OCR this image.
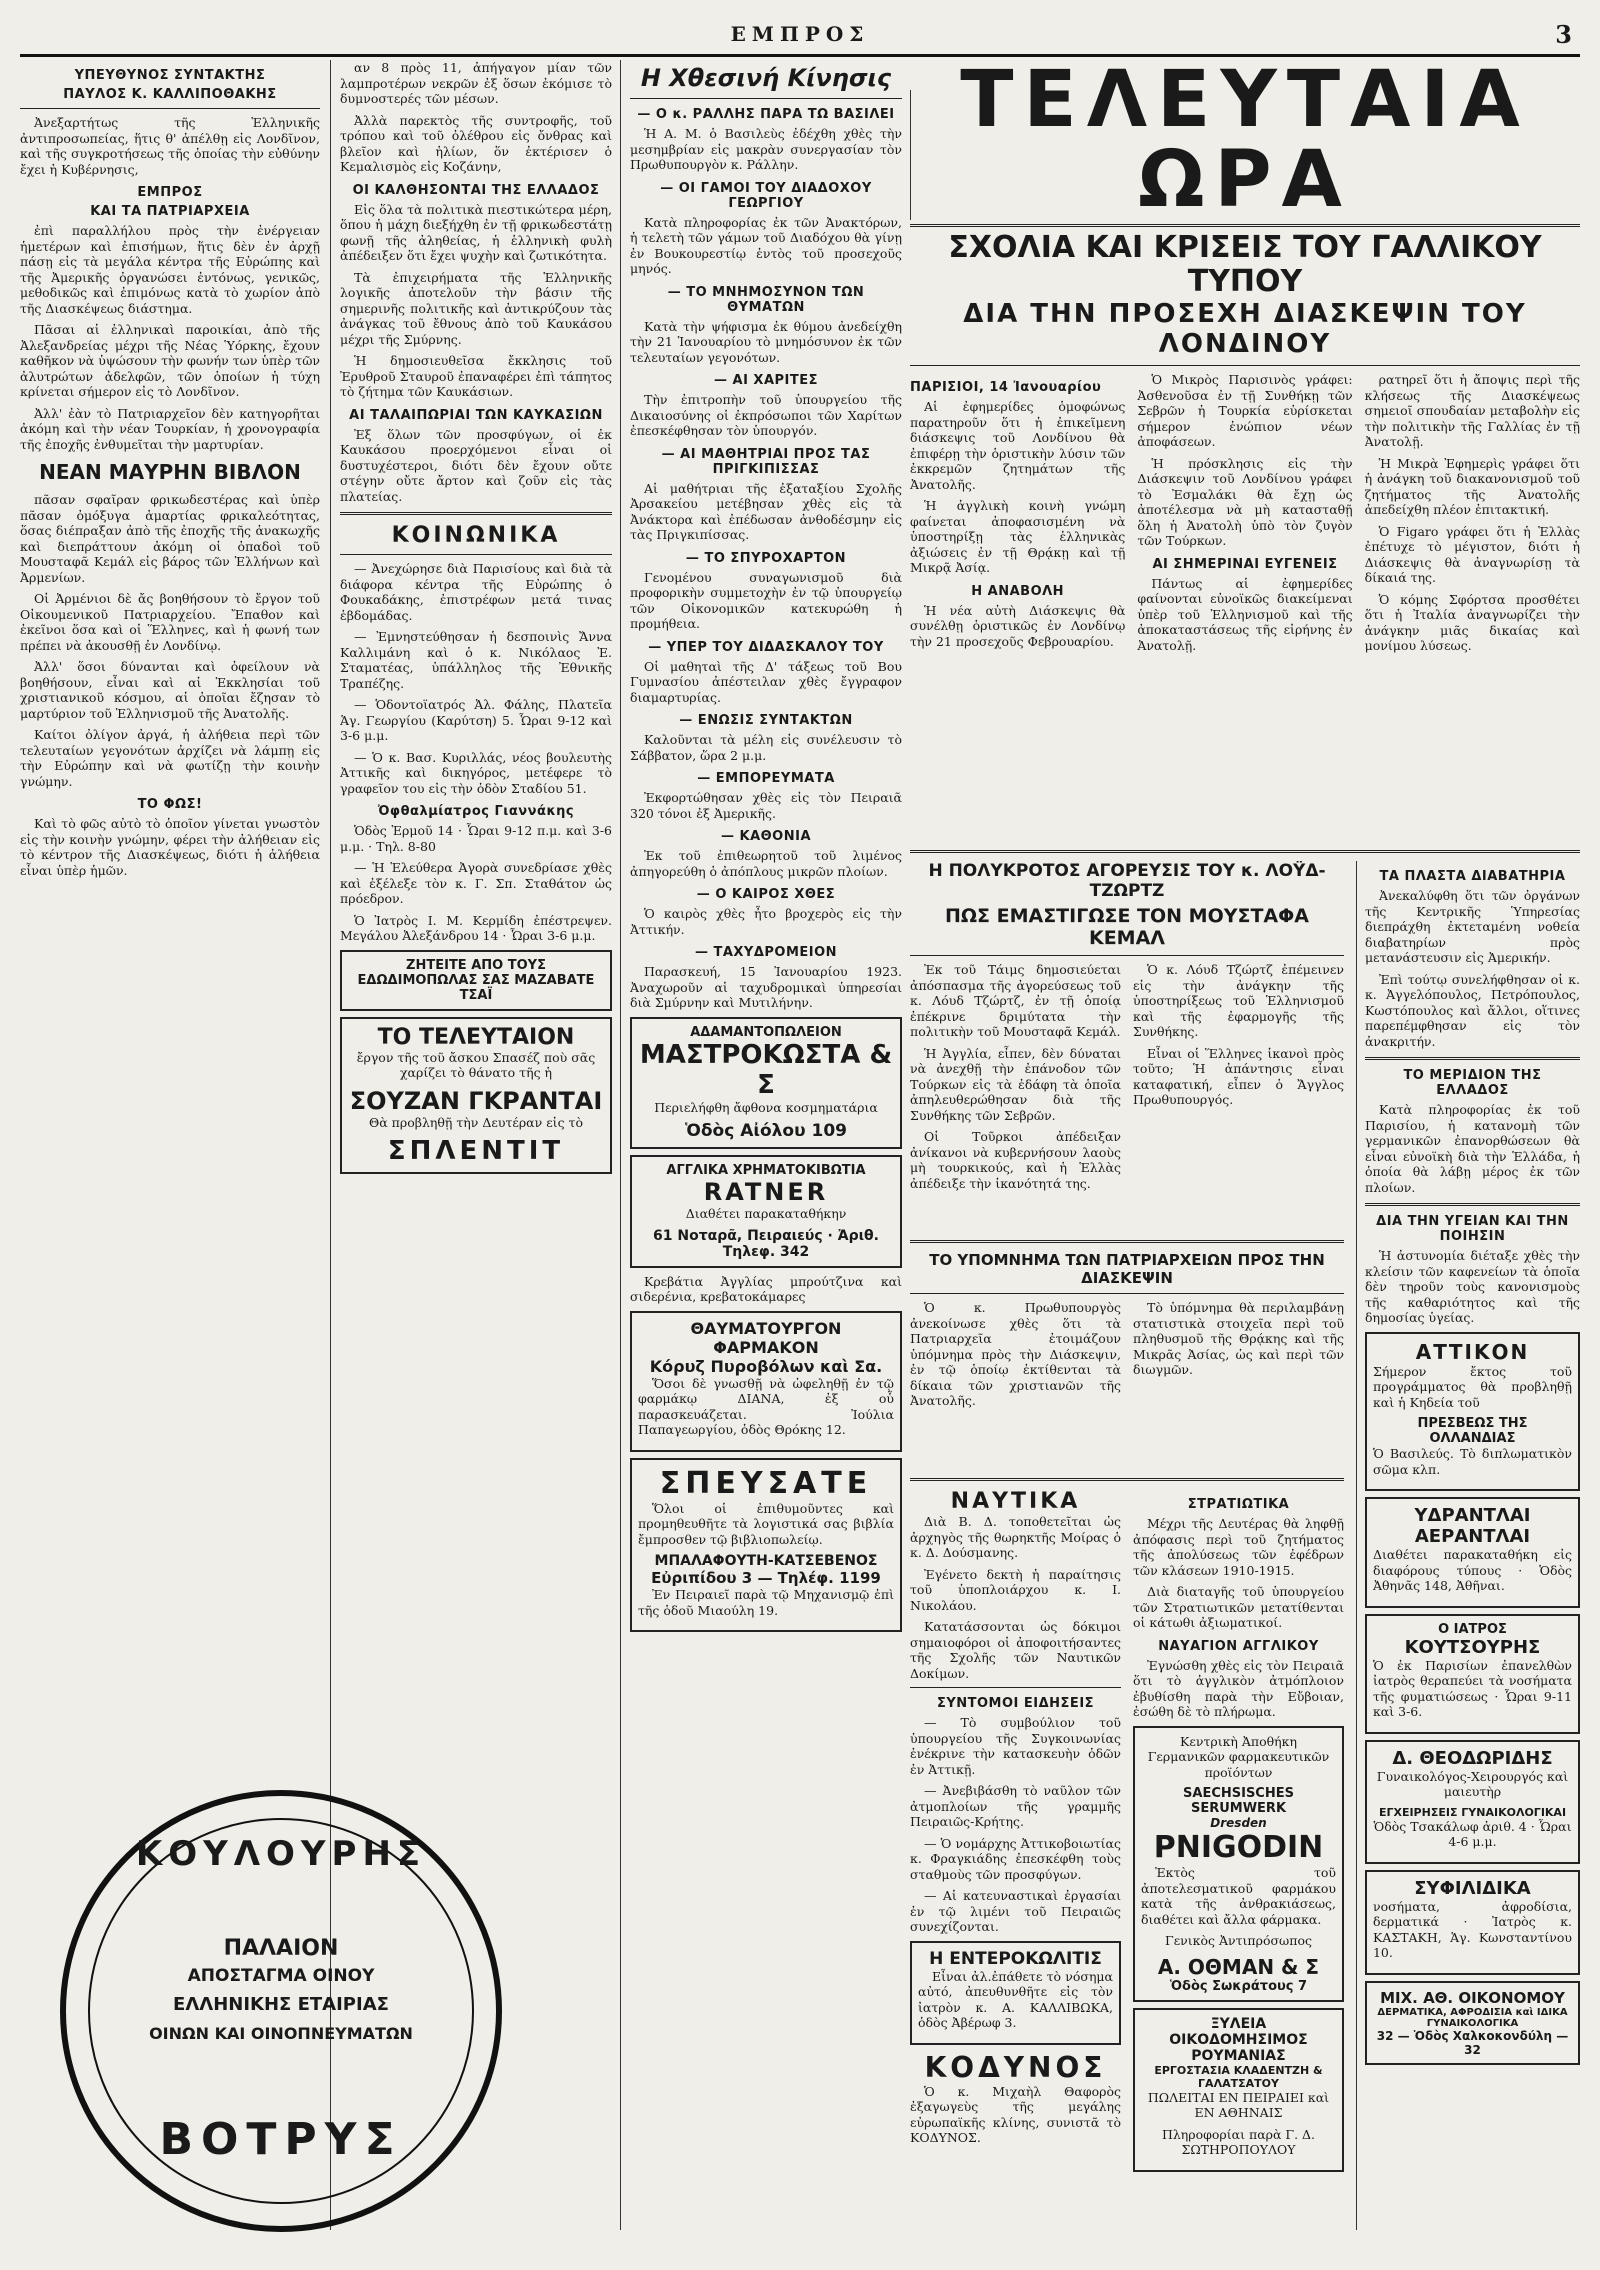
ΕΜΠΡΟΣ	3
ΥΠΕΥΘΥΝΟΣ ΣΥΝΤΑΚΤΗΣ
ΠΑΥΛΟΣ Κ. ΚΑΛΛΙΠΟΘΑΚΗΣ

Ἀνεξαρτήτως τῆς Ἑλληνικῆς ἀντιπροσωπείας, ἥτις θ' ἀπέλθῃ εἰς Λονδῖνον, καὶ τῆς συγκροτήσεως τῆς ὁποίας τὴν εὐθύνην ἔχει ἡ Κυβέρνησις,

ΕΜΠΡΟΣ
ΚΑΙ ΤΑ ΠΑΤΡΙΑΡΧΕΙΑ

ἐπὶ παραλλήλου πρὸς τὴν ἐνέργειαν ἡμετέρων καὶ ἐπισήμων, ἥτις δὲν ἐν ἀρχῇ πάσῃ εἰς τὰ μεγάλα κέντρα τῆς Εὐρώπης καὶ τῆς Ἀμερικῆς ὀργανώσει ἐντόνως, γενικῶς, μεθοδικῶς καὶ ἐπιμόνως κατὰ τὸ χωρίον ἀπὸ τῆς Διασκέψεως διάστημα.

Πᾶσαι αἱ ἐλληνικαὶ παροικίαι, ἀπὸ τῆς Ἀλεξανδρείας μέχρι τῆς Νέας Ὑόρκης, ἔχουν καθῆκον νὰ ὑψώσουν τὴν φωνήν των ὑπὲρ τῶν ἀλυτρώτων ἀδελφῶν, τῶν ὁποίων ἡ τύχη κρίνεται σήμερον εἰς τὸ Λονδῖνον.

Ἀλλ' ἐὰν τὸ Πατριαρχεῖον δὲν κατηγορῆται ἀκόμη καὶ τὴν νέαν Τουρκίαν, ἡ χρονογραφία τῆς ἐποχῆς ἐνθυμεῖται τὴν μαρτυρίαν.

ΝΕΑΝ ΜΑΥΡΗΝ ΒΙΒΛΟΝ

πᾶσαν σφαῖραν φρικωδεστέρας καὶ ὑπὲρ πᾶσαν ὀμόξυγα ἁμαρτίας φρικαλεότητας, ὅσας διέπραξαν ἀπὸ τῆς ἐποχῆς τῆς ἀνακωχῆς καὶ διεπράττουν ἀκόμη οἱ ὀπαδοὶ τοῦ Μουσταφᾶ Κεμάλ εἰς βάρος τῶν Ἑλλήνων καὶ Ἀρμενίων.

Οἱ Ἀρμένιοι δὲ ἄς βοηθήσουν τὸ ἔργον τοῦ Οἰκουμενικοῦ Πατριαρχείου. Ἔπαθον καὶ ἐκεῖνοι ὅσα καὶ οἱ Ἕλληνες, καὶ ἡ φωνή των πρέπει νὰ ἀκουσθῇ ἐν Λονδίνῳ.

Ἀλλ' ὅσοι δύνανται καὶ ὀφείλουν νὰ βοηθήσουν, εἶναι καὶ αἱ Ἐκκλησίαι τοῦ χριστιανικοῦ κόσμου, αἱ ὁποῖαι ἔζησαν τὸ μαρτύριον τοῦ Ἑλληνισμοῦ τῆς Ἀνατολῆς.

Καίτοι ὀλίγον ἀργά, ἡ ἀλήθεια περὶ τῶν τελευταίων γεγονότων ἀρχίζει νὰ λάμπῃ εἰς τὴν Εὐρώπην καὶ νὰ φωτίζῃ τὴν κοινὴν γνώμην.

ΤΟ ΦΩΣ!

Καὶ τὸ φῶς αὐτὸ τὸ ὁποῖον γίνεται γνωστὸν εἰς τὴν κοινὴν γνώμην, φέρει τὴν ἀλήθειαν εἰς τὸ κέντρον τῆς Διασκέψεως, διότι ἡ ἀλήθεια εἶναι ὑπὲρ ἡμῶν.

ΚΟΥΛΟΥΡΗΣ
ΠΑΛΑΙΟΝ
ΑΠΟΣΤΑΓΜΑ ΟΙΝΟΥ
ΕΛΛΗΝΙΚΗΣ ΕΤΑΙΡΙΑΣ
ΟΙΝΩΝ ΚΑΙ ΟΙΝΟΠΝΕΥΜΑΤΩΝ
ΒΟΤΡΥΣ

αν 8 πρὸς 11, ἀπήγαγον μίαν τῶν λαμπροτέρων νεκρῶν ἐξ ὅσων ἐκόμισε τὸ δυμνοστερές τῶν μέσων.

Ἀλλὰ παρεκτὸς τῆς συντροφῆς, τοῦ τρόπου καὶ τοῦ ὀλέθρου εἰς ὄνθρας καὶ βλεῖον καὶ ἡλίων, ὅν ἐκτέρισεν ὁ Κεμαλισμὸς εἰς Κοζάνην,

ΟΙ ΚΑΛΘΗΣΟΝΤΑΙ ΤΗΣ ΕΛΛΑΔΟΣ

Εἰς ὅλα τὰ πολιτικὰ πιεστικώτερα μέρη, ὅπου ἡ μάχη διεξήχθη ἐν τῇ φρικωδεστάτῃ φωνῇ τῆς ἀληθείας, ἡ ἑλληνικὴ φυλὴ ἀπέδειξεν ὅτι ἔχει ψυχὴν καὶ ζωτικότητα.

Τὰ ἐπιχειρήματα τῆς Ἑλληνικῆς λογικῆς ἀποτελοῦν τὴν βάσιν τῆς σημερινῆς πολιτικῆς καὶ ἀντικρύζουν τὰς ἀνάγκας τοῦ ἔθνους ἀπὸ τοῦ Καυκάσου μέχρι τῆς Σμύρνης.

Ἡ δημοσιευθεῖσα ἔκκλησις τοῦ Ἐρυθροῦ Σταυροῦ ἐπαναφέρει ἐπὶ τάπητος τὸ ζήτημα τῶν Καυκάσιων.

ΑΙ ΤΑΛΑΙΠΩΡΙΑΙ ΤΩΝ ΚΑΥΚΑΣΙΩΝ

Ἐξ ὅλων τῶν προσφύγων, οἱ ἐκ Καυκάσου προερχόμενοι εἶναι οἱ δυστυχέστεροι, διότι δὲν ἔχουν οὔτε στέγην οὔτε ἄρτον καὶ ζοῦν εἰς τὰς πλατείας.

ΚΟΙΝΩΝΙΚΑ

— Ἀνεχώρησε διὰ Παρισίους καὶ διὰ τὰ διάφορα κέντρα τῆς Εὐρώπης ὁ Φουκαδάκης, ἐπιστρέφων μετά τινας ἑβδομάδας.

— Ἐμνηστεύθησαν ἡ δεσποινὶς Ἄννα Καλλιμάνη καὶ ὁ κ. Νικόλαος Ἐ. Σταματέας, ὑπάλληλος τῆς Ἐθνικῆς Τραπέζης.

— Ὁδοντοϊατρός Ἀλ. Φάλης, Πλατεῖα Ἁγ. Γεωργίου (Καρύτση) 5. Ὧραι 9-12 καὶ 3-6 μ.μ.

— Ὁ κ. Βασ. Κυριλλάς, νέος βουλευτὴς Ἀττικῆς καὶ δικηγόρος, μετέφερε τὸ γραφεῖον του εἰς τὴν ὁδὸν Σταδίου 51.

Ὀφθαλμίατρος Γιαννάκης

Ὁδὸς Ἑρμοῦ 14 · Ὧραι 9-12 π.μ. καὶ 3-6 μ.μ. · Τηλ. 8-80

— Ἡ Ἑλεύθερα Ἀγορὰ συνεδρίασε χθὲς καὶ ἐξέλεξε τὸν κ. Γ. Σπ. Σταθάτον ὡς πρόεδρον.

Ὁ Ἰατρὸς Ι. Μ. Κερμίδη ἐπέστρεψεν. Μεγάλου Ἀλεξάνδρου 14 · Ὧραι 3-6 μ.μ.

ΖΗΤΕΙΤΕ ΑΠΟ ΤΟΥΣ ΕΔΩΔΙΜΟΠΩΛΑΣ ΣΑΣ ΜΑΖΑΒΑΤΕ ΤΣΑΪ
ΤΟ ΤΕΛΕΥΤΑΙΟΝ

ἔργον τῆς τοῦ ἄσκου Σπασέζ ποὺ σᾶς χαρίζει τὸ θάνατο τῆς ἡ

ΣΟΥΖΑΝ ΓΚΡΑΝΤΑΙ

Θὰ προβληθῇ τὴν Δευτέραν εἰς τὸ

ΣΠΛΕΝΤΙΤ
Η Χθεσινή Κίνησις
— Ο κ. ΡΑΛΛΗΣ ΠΑΡΑ ΤΩ ΒΑΣΙΛΕΙ

Ἡ Α. Μ. ὁ Βασιλεὺς ἐδέχθη χθὲς τὴν μεσημβρίαν εἰς μακρὰν συνεργασίαν τὸν Πρωθυπουργὸν κ. Ράλλην.

— ΟΙ ΓΑΜΟΙ ΤΟΥ ΔΙΑΔΟΧΟΥ ΓΕΩΡΓΙΟΥ

Κατὰ πληροφορίας ἐκ τῶν Ἀνακτόρων, ἡ τελετὴ τῶν γάμων τοῦ Διαδόχου θὰ γίνῃ ἐν Βουκουρεστίῳ ἐντὸς τοῦ προσεχοῦς μηνός.

— ΤΟ ΜΝΗΜΟΣΥΝΟΝ ΤΩΝ ΘΥΜΑΤΩΝ

Κατὰ τὴν ψήφισμα ἐκ θύμου ἀνεδείχθη τὴν 21 Ἰανουαρίου τὸ μνημόσυνον ἐκ τῶν τελευταίων γεγονότων.

— ΑΙ ΧΑΡΙΤΕΣ

Τὴν ἐπιτροπὴν τοῦ ὑπουργείου τῆς Δικαιοσύνης οἱ ἐκπρόσωποι τῶν Χαρίτων ἐπεσκέφθησαν τὸν ὑπουργόν.

— ΑΙ ΜΑΘΗΤΡΙΑΙ ΠΡΟΣ ΤΑΣ ΠΡΙΓΚΙΠΙΣΣΑΣ

Αἱ μαθήτριαι τῆς ἐξαταξίου Σχολῆς Ἀρσακείου μετέβησαν χθὲς εἰς τὰ Ἀνάκτορα καὶ ἐπέδωσαν ἀνθοδέσμην εἰς τὰς Πριγκιπίσσας.

— ΤΟ ΣΠΥΡΟΧΑΡΤΟΝ

Γενομένου συναγωνισμοῦ διὰ προφορικὴν συμμετοχὴν ἐν τῷ ὑπουργείῳ τῶν Οἰκονομικῶν κατεκυρώθη ἡ προμήθεια.

— ΥΠΕΡ ΤΟΥ ΔΙΔΑΣΚΑΛΟΥ ΤΟΥ

Οἱ μαθηταὶ τῆς Δ' τάξεως τοῦ Βου Γυμνασίου ἀπέστειλαν χθὲς ἔγγραφον διαμαρτυρίας.

— ΕΝΩΣΙΣ ΣΥΝΤΑΚΤΩΝ

Καλοῦνται τὰ μέλη εἰς συνέλευσιν τὸ Σάββατον, ὥρα 2 μ.μ.

— ΕΜΠΟΡΕΥΜΑΤΑ

Ἐκφορτώθησαν χθὲς εἰς τὸν Πειραιᾶ 320 τόνοι ἐξ Ἀμερικῆς.

— ΚΑΘΟΝΙΑ

Ἐκ τοῦ ἐπιθεωρητοῦ τοῦ λιμένος ἀπηγορεύθη ὁ ἀπόπλους μικρῶν πλοίων.

— Ο ΚΑΙΡΟΣ ΧΘΕΣ

Ὁ καιρὸς χθὲς ἦτο βροχερὸς εἰς τὴν Ἀττικήν.

— ΤΑΧΥΔΡΟΜΕΙΟΝ

Παρασκευή, 15 Ἰανουαρίου 1923. Ἀναχωροῦν αἱ ταχυδρομικαὶ ὑπηρεσίαι διὰ Σμύρνην καὶ Μυτιλήνην.

ΑΔΑΜΑΝΤΟΠΩΛΕΙΟΝ
ΜΑΣΤΡΟΚΩΣΤΑ & Σ

Περιελήφθη ἄφθονα κοσμηματάρια

Ὁδὸς Αἰόλου 109
ΑΓΓΛΙΚΑ ΧΡΗΜΑΤΟΚΙΒΩΤΙΑ
RATNER

Διαθέτει παρακαταθήκην

61 Νοταρᾶ, Πειραιεύς · Ἀριθ. Τηλεφ. 342

Κρεβάτια Ἀγγλίας μπρούτζινα καὶ σιδερένια, κρεβατοκάμαρες

ΘΑΥΜΑΤΟΥΡΓΟΝ ΦΑΡΜΑΚΟΝ
Κόρυζ Πυροβόλων καὶ Σα.

Ὅσοι δὲ γνωσθῇ νὰ ὠφεληθῇ ἐν τῷ φαρμάκῳ ΔΙΑΝΑ, ἐξ οὗ παρασκευάζεται. Ἰούλια Παπαγεωργίου, ὁδὸς Θρόκης 12.

ΣΠΕΥΣΑΤΕ

Ὅλοι οἱ ἐπιθυμοῦντες καὶ προμηθευθῆτε τὰ λογιστικά σας βιβλία ἔμπροσθεν τῷ βιβλιοπωλείῳ.

ΜΠΑΛΑΦΟΥΤΗ-ΚΑΤΣΕΒΕΝΟΣ
Εὐριπίδου 3 — Τηλέφ. 1199

Ἐν Πειραιεῖ παρὰ τῷ Μηχανισμῷ ἐπὶ τῆς ὁδοῦ Μιαούλη 19.

ΤΕΛΕΥΤΑΙΑ ΩΡΑ
ΣΧΟΛΙΑ ΚΑΙ ΚΡΙΣΕΙΣ ΤΟΥ ΓΑΛΛΙΚΟΥ ΤΥΠΟΥ
ΔΙΑ ΤΗΝ ΠΡΟΣΕΧΗ ΔΙΑΣΚΕΨΙΝ ΤΟΥ ΛΟΝΔΙΝΟΥ
ΠΑΡΙΣΙΟΙ, 14 Ἰανουαρίου

Αἱ ἐφημερίδες ὁμοφώνως παρατηροῦν ὅτι ἡ ἐπικεῖμενη διάσκεψις τοῦ Λονδίνου θὰ ἐπιφέρῃ τὴν ὁριστικὴν λύσιν τῶν ἐκκρεμῶν ζητημάτων τῆς Ἀνατολῆς.

Ἡ ἀγγλικὴ κοινὴ γνώμη φαίνεται ἀποφασισμένη νὰ ὑποστηρίξῃ τὰς ἑλληνικὰς ἀξιώσεις ἐν τῇ Θρᾴκῃ καὶ τῇ Μικρᾷ Ἀσίᾳ.

Η ΑΝΑΒΟΛΗ

Ἡ νέα αὐτὴ Διάσκεψις θὰ συνέλθῃ ὁριστικῶς ἐν Λονδίνῳ τὴν 21 προσεχοῦς Φεβρουαρίου.

Ὁ Μικρὸς Παρισινὸς γράφει: Ἀσθενοῦσα ἐν τῇ Συνθήκῃ τῶν Σεβρῶν ἡ Τουρκία εὑρίσκεται σήμερον ἐνώπιον νέων ἀποφάσεων.

Ἡ πρόσκλησις εἰς τὴν Διάσκεψιν τοῦ Λονδίνου γράφει τὸ Ἐσμαλάκι θὰ ἔχῃ ὡς ἀποτέλεσμα νὰ μὴ κατασταθῇ ὅλη ἡ Ἀνατολὴ ὑπὸ τὸν ζυγὸν τῶν Τούρκων.

ΑΙ ΣΗΜΕΡΙΝΑΙ ΕΥΓΕΝΕΙΣ

Πάντως αἱ ἐφημερίδες φαίνονται εὐνοϊκῶς διακείμεναι ὑπὲρ τοῦ Ἑλληνισμοῦ καὶ τῆς ἀποκαταστάσεως τῆς εἰρήνης ἐν Ἀνατολῇ.

ρατηρεῖ ὅτι ἡ ἄποψις περὶ τῆς κλήσεως τῆς Διασκέψεως σημειοῖ σπουδαίαν μεταβολὴν εἰς τὴν πολιτικὴν τῆς Γαλλίας ἐν τῇ Ἀνατολῇ.

Ἡ Μικρὰ Ἐφημερὶς γράφει ὅτι ἡ ἀνάγκη τοῦ διακανονισμοῦ τοῦ ζητήματος τῆς Ἀνατολῆς ἀπεδείχθη πλέον ἐπιτακτική.

Ὁ Figaro γράφει ὅτι ἡ Ἑλλὰς ἐπέτυχε τὸ μέγιστον, διότι ἡ Διάσκεψις θὰ ἀναγνωρίσῃ τὰ δίκαιά της.

Ὁ κόμης Σφόρτσα προσθέτει ὅτι ἡ Ἰταλία ἀναγνωρίζει τὴν ἀνάγκην μιᾶς δικαίας καὶ μονίμου λύσεως.

Η ΠΟΛΥΚΡΟΤΟΣ ΑΓΟΡΕΥΣΙΣ ΤΟΥ κ. ΛΟΫΔ-ΤΖΩΡΤΖ
ΠΩΣ ΕΜΑΣΤΙΓΩΣΕ ΤΟΝ ΜΟΥΣΤΑΦΑ ΚΕΜΑΛ

Ἐκ τοῦ Τάιμς δημοσιεύεται ἀπόσπασμα τῆς ἀγορεύσεως τοῦ κ. Λόυδ Τζώρτζ, ἐν τῇ ὁποίᾳ ἐπέκρινε δριμύτατα τὴν πολιτικὴν τοῦ Μουσταφᾶ Κεμάλ.

Ἡ Ἀγγλία, εἶπεν, δὲν δύναται νὰ ἀνεχθῇ τὴν ἐπάνοδον τῶν Τούρκων εἰς τὰ ἐδάφη τὰ ὁποῖα ἀπηλευθερώθησαν διὰ τῆς Συνθήκης τῶν Σεβρῶν.

Οἱ Τοῦρκοι ἀπέδειξαν ἀνίκανοι νὰ κυβερνήσουν λαοὺς μὴ τουρκικούς, καὶ ἡ Ἑλλὰς ἀπέδειξε τὴν ἱκανότητά της.

Ὁ κ. Λόυδ Τζώρτζ ἐπέμεινεν εἰς τὴν ἀνάγκην τῆς ὑποστηρίξεως τοῦ Ἑλληνισμοῦ καὶ τῆς ἐφαρμογῆς τῆς Συνθήκης.

Εἶναι οἱ Ἕλληνες ἱκανοὶ πρὸς τοῦτο; Ἡ ἀπάντησις εἶναι καταφατική, εἶπεν ὁ Ἄγγλος Πρωθυπουργός.

ΤΟ ΥΠΟΜΝΗΜΑ ΤΩΝ ΠΑΤΡΙΑΡΧΕΙΩΝ ΠΡΟΣ ΤΗΝ ΔΙΑΣΚΕΨΙΝ

Ὁ κ. Πρωθυπουργὸς ἀνεκοίνωσε χθὲς ὅτι τὰ Πατριαρχεῖα ἐτοιμάζουν ὑπόμνημα πρὸς τὴν Διάσκεψιν, ἐν τῷ ὁποίῳ ἐκτίθενται τὰ δίκαια τῶν χριστιανῶν τῆς Ἀνατολῆς.

Τὸ ὑπόμνημα θὰ περιλαμβάνῃ στατιστικὰ στοιχεῖα περὶ τοῦ πληθυσμοῦ τῆς Θρᾴκης καὶ τῆς Μικρᾶς Ἀσίας, ὡς καὶ περὶ τῶν διωγμῶν.

ΝΑΥΤΙΚΑ

Διὰ Β. Δ. τοποθετεῖται ὡς ἀρχηγὸς τῆς θωρηκτῆς Μοίρας ὁ κ. Δ. Δούσμανης.

Ἐγένετο δεκτὴ ἡ παραίτησις τοῦ ὑποπλοιάρχου κ. Ι. Νικολάου.

Κατατάσσονται ὡς δόκιμοι σημαιοφόροι οἱ ἀποφοιτήσαντες τῆς Σχολῆς τῶν Ναυτικῶν Δοκίμων.

ΣΥΝΤΟΜΟΙ ΕΙΔΗΣΕΙΣ

— Τὸ συμβούλιον τοῦ ὑπουργείου τῆς Συγκοινωνίας ἐνέκρινε τὴν κατασκευὴν ὁδῶν ἐν Ἀττικῇ.

— Ἀνεβιβάσθη τὸ ναῦλον τῶν ἀτμοπλοίων τῆς γραμμῆς Πειραιῶς-Κρήτης.

— Ὁ νομάρχης Ἀττικοβοιωτίας κ. Φραγκιάδης ἐπεσκέφθη τοὺς σταθμοὺς τῶν προσφύγων.

— Αἱ κατευναστικαὶ ἐργασίαι ἐν τῷ λιμένι τοῦ Πειραιῶς συνεχίζονται.

Η ΕΝΤΕΡΟΚΩΛΙΤΙΣ

Εἶναι ἀλ.ἐπάθετε τὸ νόσημα αὐτό, ἀπευθυνθῆτε εἰς τὸν ἰατρὸν κ. Α. ΚΑΛΛΙΒΩΚΑ, ὁδὸς Ἀβέρωφ 3.

ΚΟΔΥΝΟΣ

Ὁ κ. Μιχαὴλ Θαφορὸς ἐξαγωγεὺς τῆς μεγάλης εὐρωπαϊκῆς κλίνης, συνιστᾶ τὸ ΚΟΔΥΝΟΣ.

ΣΤΡΑΤΙΩΤΙΚΑ

Μέχρι τῆς Δευτέρας θὰ ληφθῇ ἀπόφασις περὶ τοῦ ζητήματος τῆς ἀπολύσεως τῶν ἐφέδρων τῶν κλάσεων 1910-1915.

Διὰ διαταγῆς τοῦ ὑπουργείου τῶν Στρατιωτικῶν μετατίθενται οἱ κάτωθι ἀξιωματικοί.

ΝΑΥΑΓΙΟΝ ΑΓΓΛΙΚΟΥ

Ἐγνώσθη χθὲς εἰς τὸν Πειραιᾶ ὅτι τὸ ἀγγλικὸν ἀτμόπλοιον ἐβυθίσθη παρὰ τὴν Εὔβοιαν, ἐσώθη δὲ τὸ πλήρωμα.

Κεντρικὴ Ἀποθήκη Γερμανικῶν φαρμακευτικῶν προϊόντων

SAECHSISCHES SERUMWERK
Dresden
PNIGODIN

Ἐκτὸς τοῦ ἀποτελεσματικοῦ φαρμάκου κατὰ τῆς ἀνθρακιάσεως, διαθέτει καὶ ἄλλα φάρμακα.

Γενικὸς Ἀντιπρόσωπος

Α. ΟΘΜΑΝ & Σ
Ὁδὸς Σωκράτους 7
ΞΥΛΕΙΑ ΟΙΚΟΔΟΜΗΣΙΜΟΣ ΡΟΥΜΑΝΙΑΣ
ΕΡΓΟΣΤΑΣΙΑ ΚΛΑΔΕΝΤΖΗ & ΓΑΛΑΤΣΑΤΟΥ

ΠΩΛΕΙΤΑΙ ΕΝ ΠΕΙΡΑΙΕΙ καὶ ΕΝ ΑΘΗΝΑΙΣ

Πληροφορίαι παρὰ Γ. Δ. ΣΩΤΗΡΟΠΟΥΛΟΥ

ΤΑ ΠΛΑΣΤΑ ΔΙΑΒΑΤΗΡΙΑ

Ἀνεκαλύφθη ὅτι τῶν ὀργάνων τῆς Κεντρικῆς Ὑπηρεσίας διεπράχθη ἐκτεταμένη νοθεία διαβατηρίων πρὸς μετανάστευσιν εἰς Ἀμερικήν.

Ἐπὶ τούτῳ συνελήφθησαν οἱ κ. κ. Ἀγγελόπουλος, Πετρόπουλος, Κωστόπουλος καὶ ἄλλοι, οἵτινες παρεπέμφθησαν εἰς τὸν ἀνακριτήν.

ΤΟ ΜΕΡΙΔΙΟΝ ΤΗΣ ΕΛΛΑΔΟΣ

Κατὰ πληροφορίας ἐκ τοῦ Παρισίου, ἡ κατανομὴ τῶν γερμανικῶν ἐπανορθώσεων θὰ εἶναι εὐνοϊκὴ διὰ τὴν Ἑλλάδα, ἡ ὁποία θὰ λάβῃ μέρος ἐκ τῶν πλοίων.

ΔΙΑ ΤΗΝ ΥΓΕΙΑΝ ΚΑΙ ΤΗΝ ΠΟΙΗΣΙΝ

Ἡ ἀστυνομία διέταξε χθὲς τὴν κλείσιν τῶν καφενείων τὰ ὁποῖα δὲν τηροῦν τοὺς κανονισμοὺς τῆς καθαριότητος καὶ τῆς δημοσίας ὑγείας.

ΑΤΤΙΚΟΝ

Σήμερον ἔκτος τοῦ προγράμματος θὰ προβληθῇ καὶ ἡ Κηδεία τοῦ

ΠΡΕΣΒΕΩΣ ΤΗΣ ΟΛΛΑΝΔΙΑΣ

Ὁ Βασιλεύς. Τὸ διπλωματικὸν σῶμα κλπ.

ΥΔΡΑΝΤΛΑΙ ΑΕΡΑΝΤΛΑΙ

Διαθέτει παρακαταθήκη εἰς διαφόρους τύπους · Ὁδὸς Ἀθηνᾶς 148, Ἀθῆναι.

Ο ΙΑΤΡΟΣ
ΚΟΥΤΣΟΥΡΗΣ

Ὁ ἐκ Παρισίων ἐπανελθὼν ἰατρὸς θεραπεύει τὰ νοσήματα τῆς φυματιώσεως · Ὧραι 9-11 καὶ 3-6.

Δ. ΘΕΟΔΩΡΙΔΗΣ

Γυναικολόγος-Χειρουργός καὶ μαιευτὴρ

ΕΓΧΕΙΡΗΣΕΙΣ ΓΥΝΑΙΚΟΛΟΓΙΚΑΙ

Ὁδὸς Τσακάλωφ ἀριθ. 4 · Ὧραι 4-6 μ.μ.

ΣΥΦΙΛΙΔΙΚΑ

νοσήματα, ἀφροδίσια, δερματικά · Ἰατρὸς κ. ΚΑΣΤΑΚΗ, Ἁγ. Κωνσταντίνου 10.

ΜΙΧ. ΑΘ. ΟΙΚΟΝΟΜΟΥ
ΔΕΡΜΑΤΙΚΑ, ΑΦΡΟΔΙΣΙΑ καὶ ΙΔΙΚΑ ΓΥΝΑΙΚΟΛΟΓΙΚΑ
32 — Ὁδὸς Χαλκοκονδύλη — 32
